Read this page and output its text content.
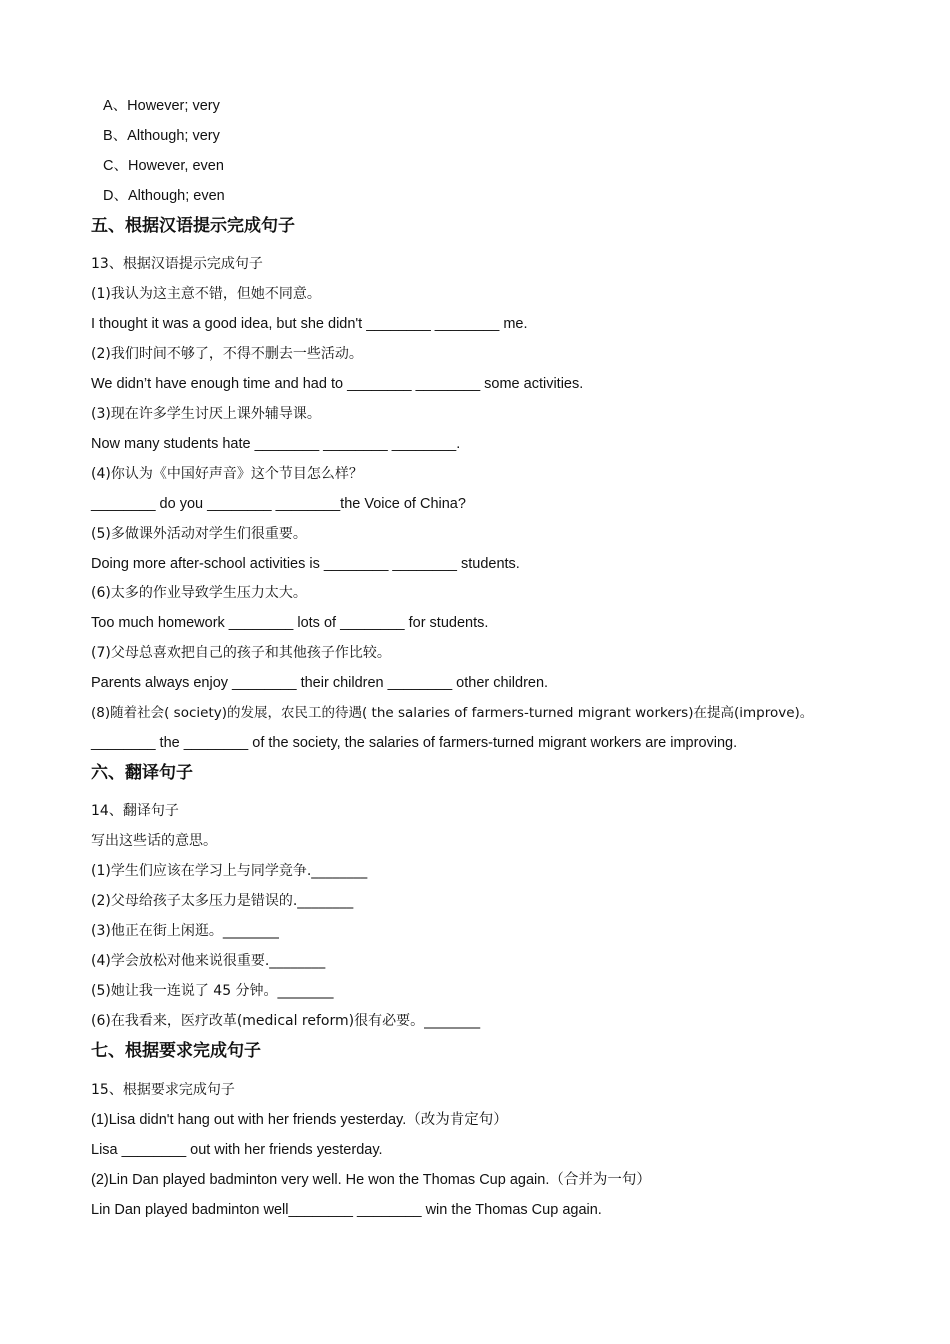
A、However; very
B、Although; very
C、However, even
D、Although; even
五、根据汉语提示完成句子
13、根据汉语提示完成句子
(1)我认为这主意不错，但她不同意。
I thought it was a good idea, but she didn't ________ ________ me.
(2)我们时间不够了，不得不删去一些活动。
We didn’t have enough time and had to ________ ________ some activities.
(3)现在许多学生讨厌上课外辅导课。
Now many students hate ________ ________ ________.
(4)你认为《中国好声音》这个节目怎么样？
________ do you ________ ________the Voice of China?
(5)多做课外活动对学生们很重要。
Doing more after-school activities is ________ ________ students.
(6)太多的作业导致学生压力太大。
Too much homework ________ lots of ________ for students.
(7)父母总喜欢把自己的孩子和其他孩子作比较。
Parents always enjoy ________ their children ________ other children.
(8)随着社会( society)的发展，农民工的待遇( the salaries of farmers-turned migrant workers)在提高(improve)。
________ the ________ of the society, the salaries of farmers-turned migrant workers are improving.
六、翻译句子
14、翻译句子
写出这些话的意思。
(1)学生们应该在学习上与同学竞争.________
(2)父母给孩子太多压力是错误的.________
(3)他正在街上闲逛。________
(4)学会放松对他来说很重要.________
(5)她让我一连说了 45 分钟。________
(6)在我看来，医疗改革(medical reform)很有必要。________
七、根据要求完成句子
15、根据要求完成句子
(1)Lisa didn't hang out with her friends yesterday.（改为肯定句）
Lisa ________ out with her friends yesterday.
(2)Lin Dan played badminton very well. He won the Thomas Cup again.（合并为一句）
Lin Dan played badminton well________ ________ win the Thomas Cup again.
